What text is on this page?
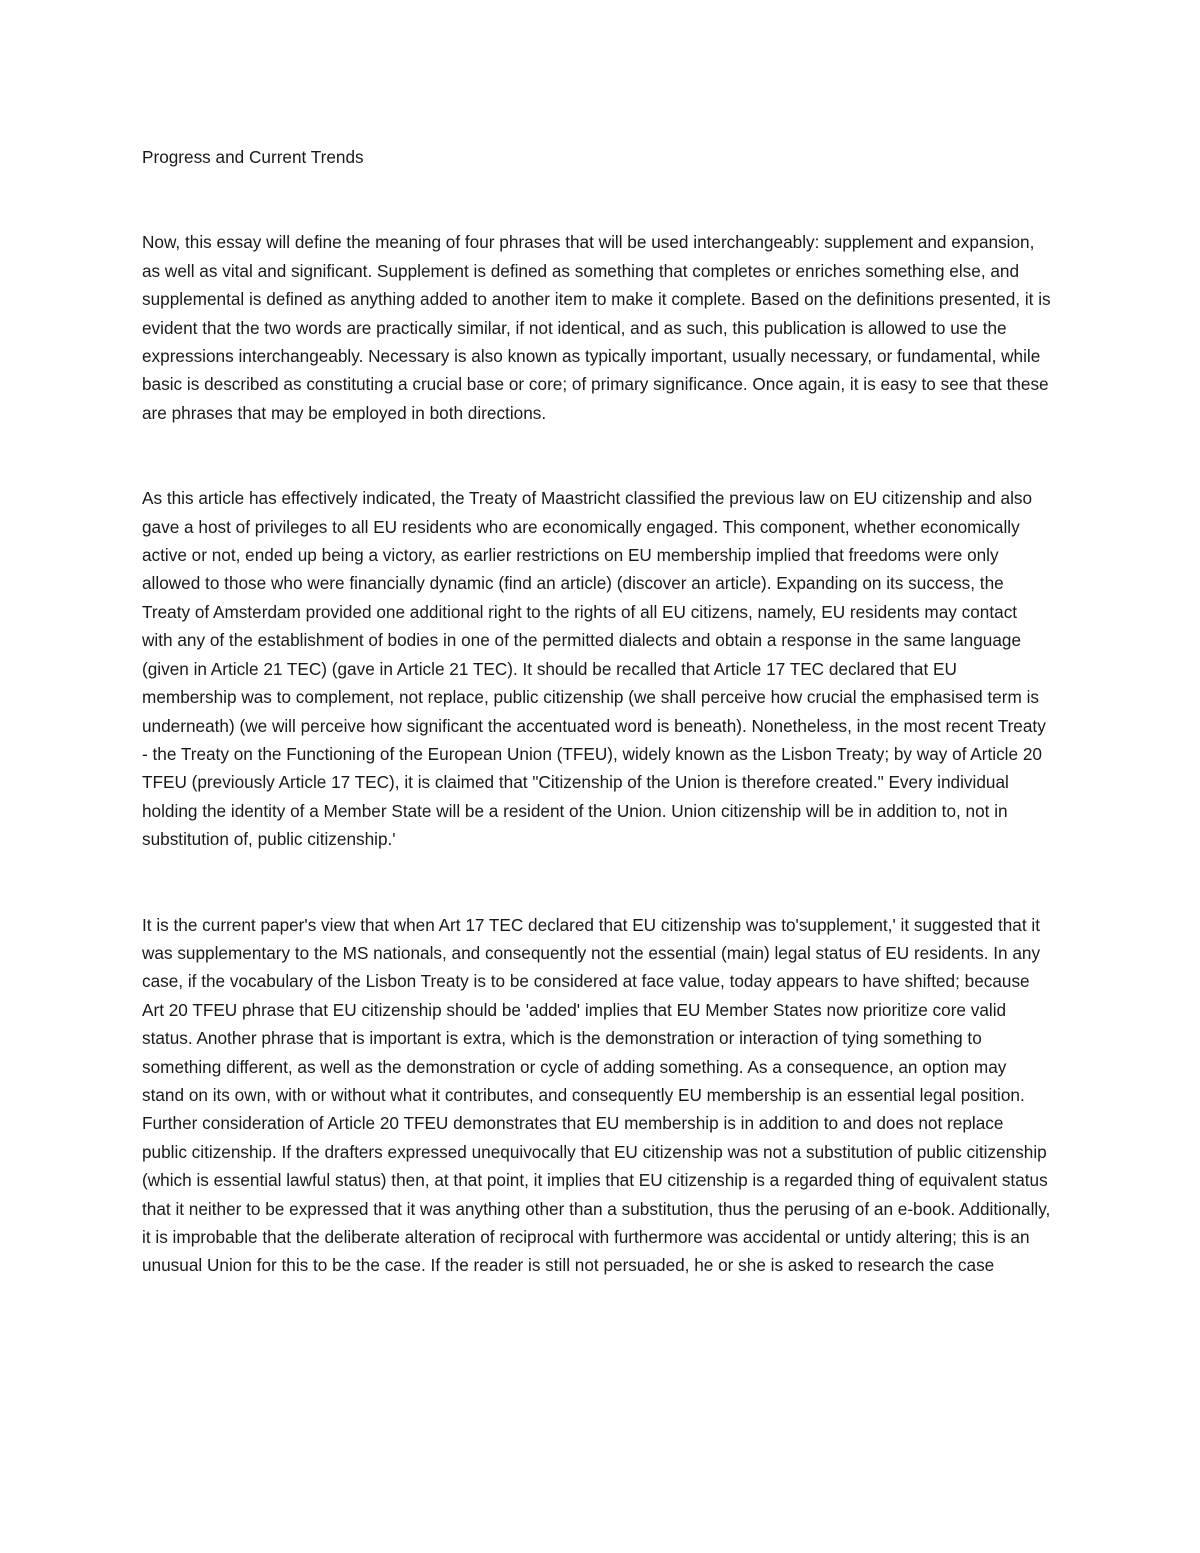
Progress and Current Trends

Now, this essay will define the meaning of four phrases that will be used interchangeably: supplement and expansion, as well as vital and significant. Supplement is defined as something that completes or enriches something else, and supplemental is defined as anything added to another item to make it complete. Based on the definitions presented, it is evident that the two words are practically similar, if not identical, and as such, this publication is allowed to use the expressions interchangeably. Necessary is also known as typically important, usually necessary, or fundamental, while basic is described as constituting a crucial base or core; of primary significance. Once again, it is easy to see that these are phrases that may be employed in both directions.

As this article has effectively indicated, the Treaty of Maastricht classified the previous law on EU citizenship and also gave a host of privileges to all EU residents who are economically engaged. This component, whether economically active or not, ended up being a victory, as earlier restrictions on EU membership implied that freedoms were only allowed to those who were financially dynamic (find an article) (discover an article). Expanding on its success, the Treaty of Amsterdam provided one additional right to the rights of all EU citizens, namely, EU residents may contact with any of the establishment of bodies in one of the permitted dialects and obtain a response in the same language (given in Article 21 TEC) (gave in Article 21 TEC). It should be recalled that Article 17 TEC declared that EU membership was to complement, not replace, public citizenship (we shall perceive how crucial the emphasised term is underneath) (we will perceive how significant the accentuated word is beneath). Nonetheless, in the most recent Treaty - the Treaty on the Functioning of the European Union (TFEU), widely known as the Lisbon Treaty; by way of Article 20 TFEU (previously Article 17 TEC), it is claimed that "Citizenship of the Union is therefore created." Every individual holding the identity of a Member State will be a resident of the Union. Union citizenship will be in addition to, not in substitution of, public citizenship.'

It is the current paper's view that when Art 17 TEC declared that EU citizenship was to'supplement,' it suggested that it was supplementary to the MS nationals, and consequently not the essential (main) legal status of EU residents. In any case, if the vocabulary of the Lisbon Treaty is to be considered at face value, today appears to have shifted; because Art 20 TFEU phrase that EU citizenship should be 'added' implies that EU Member States now prioritize core valid status. Another phrase that is important is extra, which is the demonstration or interaction of tying something to something different, as well as the demonstration or cycle of adding something. As a consequence, an option may stand on its own, with or without what it contributes, and consequently EU membership is an essential legal position. Further consideration of Article 20 TFEU demonstrates that EU membership is in addition to and does not replace public citizenship. If the drafters expressed unequivocally that EU citizenship was not a substitution of public citizenship (which is essential lawful status) then, at that point, it implies that EU citizenship is a regarded thing of equivalent status that it neither to be expressed that it was anything other than a substitution, thus the perusing of an e-book. Additionally, it is improbable that the deliberate alteration of reciprocal with furthermore was accidental or untidy altering; this is an unusual Union for this to be the case. If the reader is still not persuaded, he or she is asked to research the case
